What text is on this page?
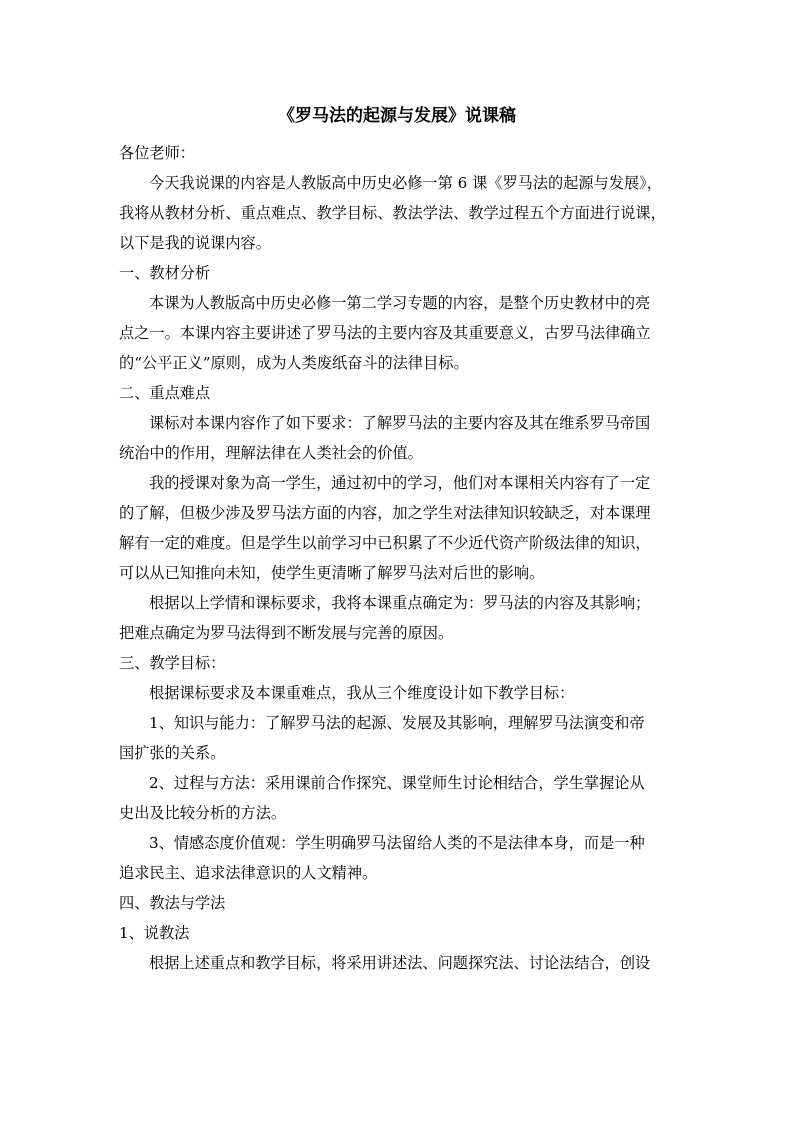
《罗马法的起源与发展》说课稿
各位老师：
今天我说课的内容是人教版高中历史必修一第 6 课《罗马法的起源与发展》，
我将从教材分析、重点难点、教学目标、教法学法、教学过程五个方面进行说课，
以下是我的说课内容。
一、教材分析
本课为人教版高中历史必修一第二学习专题的内容，是整个历史教材中的亮
点之一。本课内容主要讲述了罗马法的主要内容及其重要意义，古罗马法律确立
的“公平正义”原则，成为人类废纸奋斗的法律目标。
二、重点难点
课标对本课内容作了如下要求：了解罗马法的主要内容及其在维系罗马帝国
统治中的作用，理解法律在人类社会的价值。
我的授课对象为高一学生，通过初中的学习，他们对本课相关内容有了一定
的了解，但极少涉及罗马法方面的内容，加之学生对法律知识较缺乏，对本课理
解有一定的难度。但是学生以前学习中已积累了不少近代资产阶级法律的知识，
可以从已知推向未知，使学生更清晰了解罗马法对后世的影响。
根据以上学情和课标要求，我将本课重点确定为：罗马法的内容及其影响；
把难点确定为罗马法得到不断发展与完善的原因。
三、教学目标：
根据课标要求及本课重难点，我从三个维度设计如下教学目标：
1、知识与能力：了解罗马法的起源、发展及其影响，理解罗马法演变和帝
国扩张的关系。
2、过程与方法：采用课前合作探究、课堂师生讨论相结合，学生掌握论从
史出及比较分析的方法。
3、情感态度价值观：学生明确罗马法留给人类的不是法律本身，而是一种
追求民主、追求法律意识的人文精神。
四、教法与学法
1、说教法
根据上述重点和教学目标，将采用讲述法、问题探究法、讨论法结合，创设
